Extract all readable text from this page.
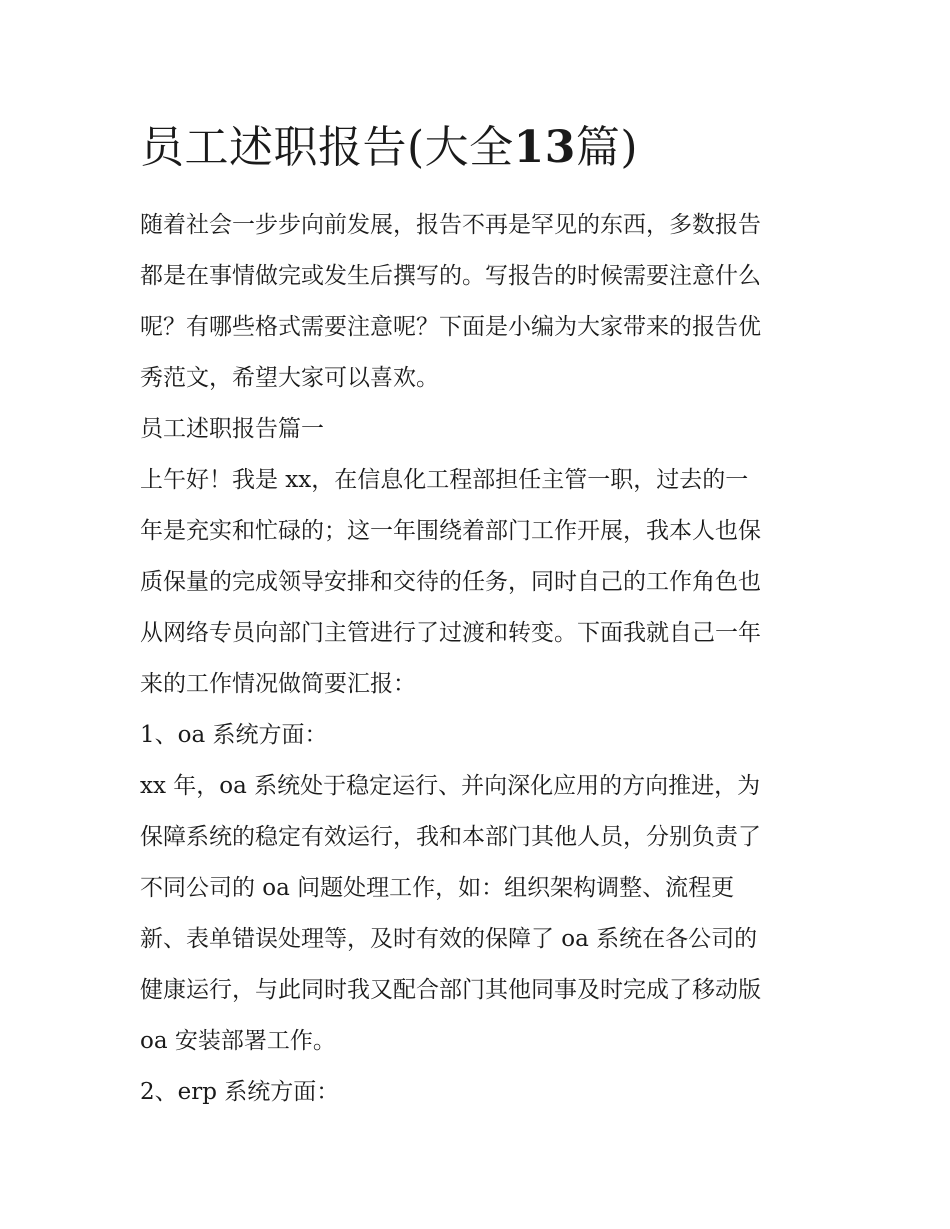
员工述职报告(大全13篇)

随着社会一步步向前发展，报告不再是罕见的东西，多数报告
都是在事情做完或发生后撰写的。写报告的时候需要注意什么
呢？有哪些格式需要注意呢？下面是小编为大家带来的报告优
秀范文，希望大家可以喜欢。

员工述职报告篇一

上午好！我是 xx，在信息化工程部担任主管一职，过去的一
年是充实和忙碌的；这一年围绕着部门工作开展，我本人也保
质保量的完成领导安排和交待的任务，同时自己的工作角色也
从网络专员向部门主管进行了过渡和转变。下面我就自己一年
来的工作情况做简要汇报：

1、oa 系统方面：

xx 年，oa 系统处于稳定运行、并向深化应用的方向推进，为
保障系统的稳定有效运行，我和本部门其他人员，分别负责了
不同公司的 oa 问题处理工作，如：组织架构调整、流程更
新、表单错误处理等，及时有效的保障了 oa 系统在各公司的
健康运行，与此同时我又配合部门其他同事及时完成了移动版
oa 安装部署工作。

2、erp 系统方面：
